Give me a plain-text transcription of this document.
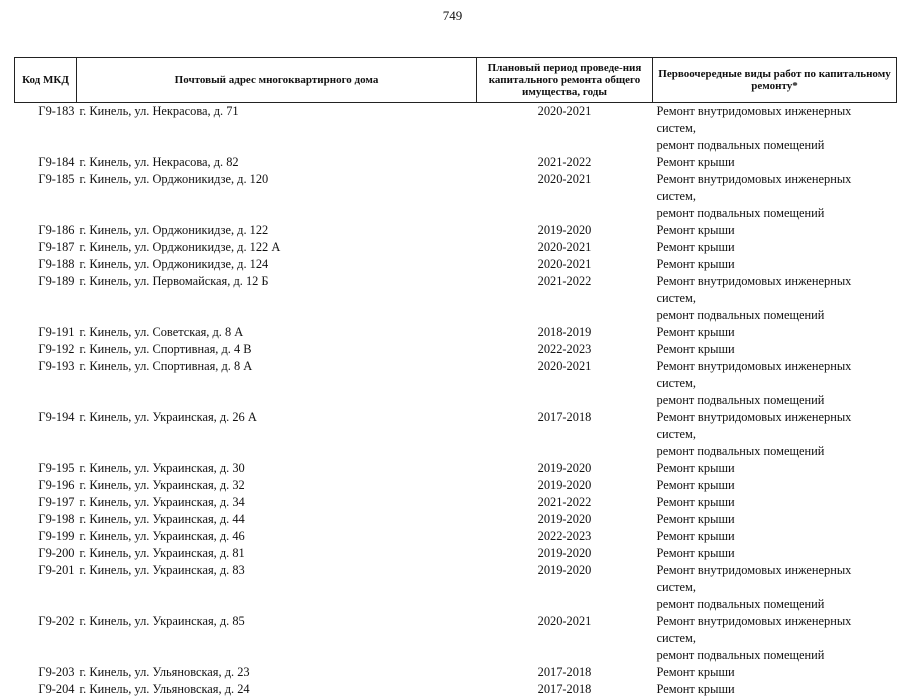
749
Код МКД	Почтовый адрес многоквартирного дома	Плановый период проведе-ния капитального ремонта общего имущества, годы	Первоочередные виды работ по капитальному ремонту*
Г9-183	г. Кинель, ул. Некрасова, д. 71	2020-2021	Ремонт внутридомовых инженерных систем,
ремонт подвальных помещений

Г9-184	г. Кинель, ул. Некрасова, д. 82	2021-2022	Ремонт крыши

Г9-185	г. Кинель, ул. Орджоникидзе, д. 120	2020-2021	Ремонт внутридомовых инженерных систем,
ремонт подвальных помещений

Г9-186	г. Кинель, ул. Орджоникидзе, д. 122	2019-2020	Ремонт крыши

Г9-187	г. Кинель, ул. Орджоникидзе, д. 122 А	2020-2021	Ремонт крыши

Г9-188	г. Кинель, ул. Орджоникидзе, д. 124	2020-2021	Ремонт крыши

Г9-189	г. Кинель, ул. Первомайская, д. 12 Б	2021-2022	Ремонт внутридомовых инженерных систем,
ремонт подвальных помещений

Г9-191	г. Кинель, ул. Советская, д. 8 А	2018-2019	Ремонт крыши

Г9-192	г. Кинель, ул. Спортивная, д. 4 В	2022-2023	Ремонт крыши

Г9-193	г. Кинель, ул. Спортивная, д. 8 А	2020-2021	Ремонт внутридомовых инженерных систем,
ремонт подвальных помещений

Г9-194	г. Кинель, ул. Украинская, д. 26 А	2017-2018	Ремонт внутридомовых инженерных систем,
ремонт подвальных помещений

Г9-195	г. Кинель, ул. Украинская, д. 30	2019-2020	Ремонт крыши

Г9-196	г. Кинель, ул. Украинская, д. 32	2019-2020	Ремонт крыши

Г9-197	г. Кинель, ул. Украинская, д. 34	2021-2022	Ремонт крыши

Г9-198	г. Кинель, ул. Украинская, д. 44	2019-2020	Ремонт крыши

Г9-199	г. Кинель, ул. Украинская, д. 46	2022-2023	Ремонт крыши

Г9-200	г. Кинель, ул. Украинская, д. 81	2019-2020	Ремонт крыши

Г9-201	г. Кинель, ул. Украинская, д. 83	2019-2020	Ремонт внутридомовых инженерных систем,
ремонт подвальных помещений

Г9-202	г. Кинель, ул. Украинская, д. 85	2020-2021	Ремонт внутридомовых инженерных систем,
ремонт подвальных помещений

Г9-203	г. Кинель, ул. Ульяновская, д. 23	2017-2018	Ремонт крыши

Г9-204	г. Кинель, ул. Ульяновская, д. 24	2017-2018	Ремонт крыши
